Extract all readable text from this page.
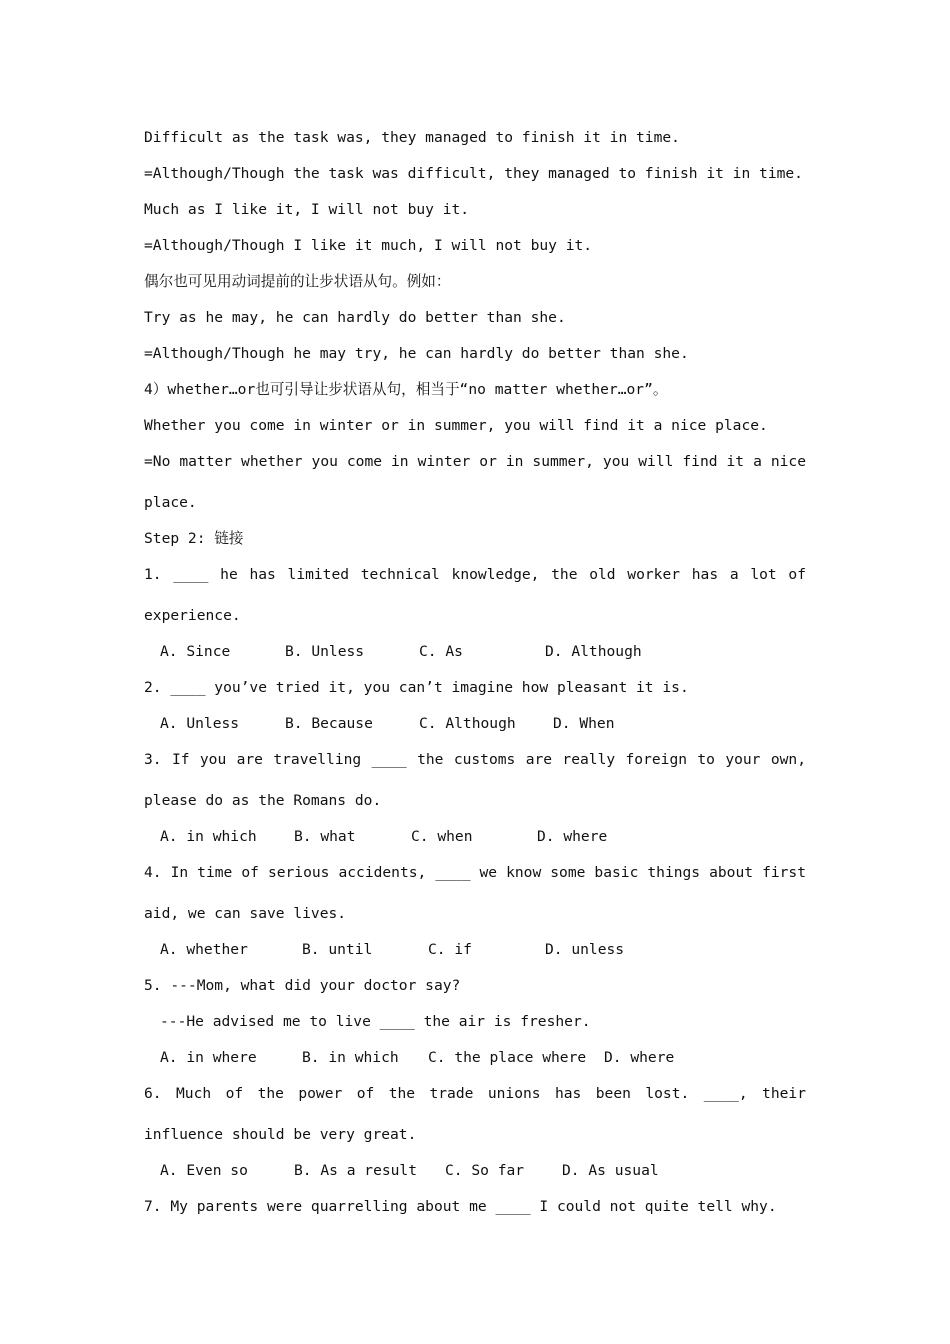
Difficult as the task was, they managed to finish it in time.
=Although/Though the task was difficult, they managed to finish it in time.
Much as I like it, I will not buy it.
=Although/Though I like it much, I will not buy it.
偶尔也可见用动词提前的让步状语从句。例如：
Try as he may, he can hardly do better than she.
=Although/Though he may try, he can hardly do better than she.
4）whether…or也可引导让步状语从句，相当于“no matter whether…or”。
Whether you come in winter or in summer, you will find it a nice place.
=No matter whether you come in winter or in summer, you will find it a nice
place.
Step 2: 链接
1. ____ he has limited technical knowledge, the old worker has a lot of
experience.
A. Since	B. Unless	C. As	D. Although
2. ____ you’ve tried it, you can’t imagine how pleasant it is.
A. Unless	B. Because	C. Although	D. When
3. If you are travelling ____ the customs are really foreign to your own,
please do as the Romans do.
A. in which	B. what	C. when	D. where
4. In time of serious accidents, ____ we know some basic things about first
aid, we can save lives.
A. whether	B. until	C. if	D. unless
5. ---Mom, what did your doctor say?
---He advised me to live ____ the air is fresher.
A. in where	B. in which	C. the place where	D. where
6. Much of the power of the trade unions has been lost. ____, their
influence should be very great.
A. Even so	B. As a result	C. So far	D. As usual
7. My parents were quarrelling about me ____ I could not quite tell why.
